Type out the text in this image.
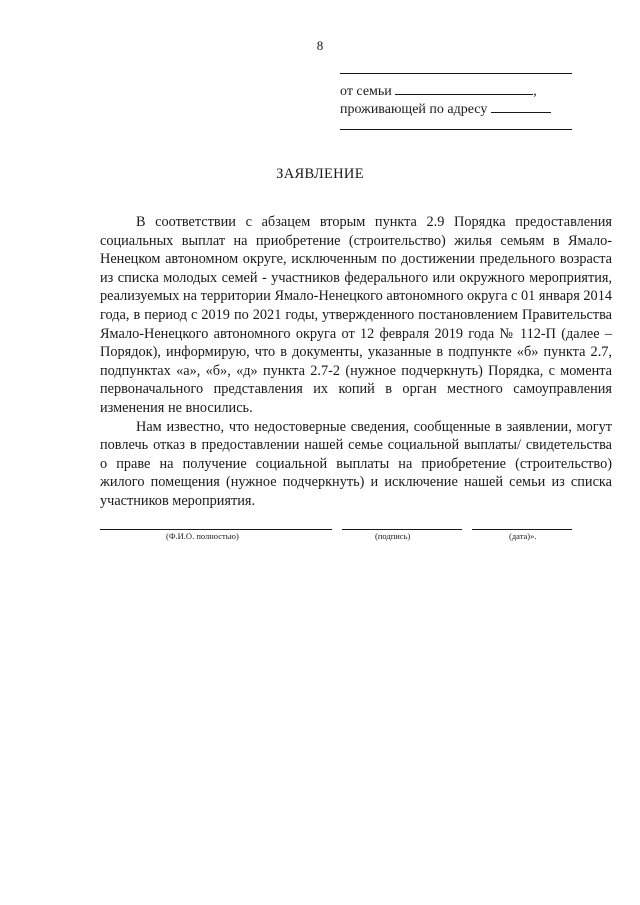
8
от семьи	,
проживающей по адресу
ЗАЯВЛЕНИЕ

В соответствии с абзацем вторым пункта 2.9 Порядка предоставления социальных выплат на приобретение (строительство) жилья семьям в Ямало-Ненецком автономном округе, исключенным по достижении предельного возраста из списка молодых семей - участников федерального или окружного мероприятия, реализуемых на территории Ямало-Ненецкого автономного округа с 01 января 2014 года, в период с 2019 по 2021 годы, утвержденного постановлением Правительства Ямало-Ненецкого автономного округа от 12 февраля 2019 года № 112-П (далее – Порядок), информирую, что в документы, указанные в подпункте «б» пункта 2.7, подпунктах «а», «б», «д» пункта 2.7-2 (нужное подчеркнуть) Порядка, с момента первоначального представления их копий в орган местного самоуправления изменения не вносились.

Нам известно, что недостоверные сведения, сообщенные в заявлении, могут повлечь отказ в предоставлении нашей семье социальной выплаты/ свидетельства о праве на получение социальной выплаты на приобретение (строительство) жилого помещения (нужное подчеркнуть) и исключение нашей семьи из списка участников мероприятия.

(Ф.И.О. полностью)	(подпись)	(дата)».
